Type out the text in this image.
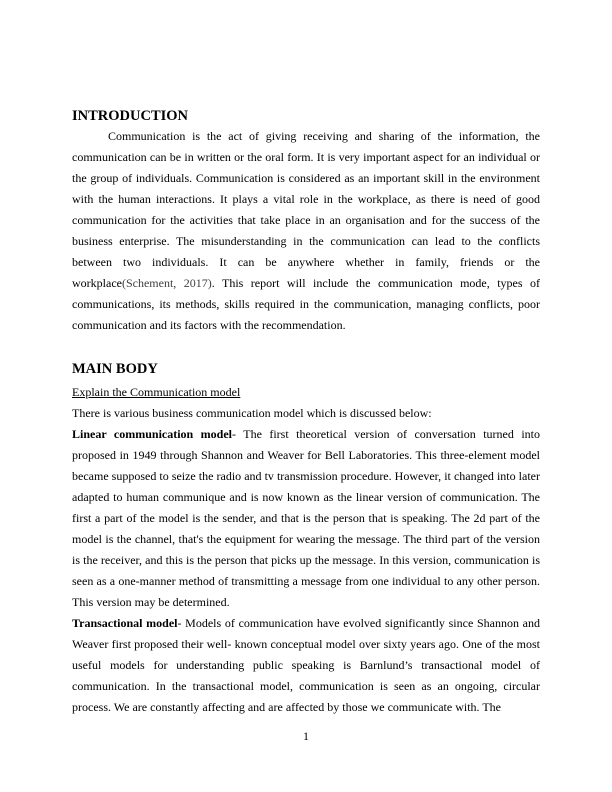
INTRODUCTION

Communication is the act of giving receiving and sharing of the information, the communication can be in written or the oral form. It is very important aspect for an individual or the group of individuals. Communication is considered as an important skill in the environment with the human interactions. It plays a vital role in the workplace, as there is need of good communication for the activities that take place in an organisation and for the success of the business enterprise. The misunderstanding in the communication can lead to the conflicts between two individuals. It can be anywhere whether in family, friends or the workplace(Schement, 2017). This report will include the communication mode, types of communications, its methods, skills required in the communication, managing conflicts, poor communication and its factors with the recommendation.

MAIN BODY

Explain the Communication model

There is various business communication model which is discussed below:

Linear communication model- The first theoretical version of conversation turned into proposed in 1949 through Shannon and Weaver for Bell Laboratories. This three-element model became supposed to seize the radio and tv transmission procedure. However, it changed into later adapted to human communique and is now known as the linear version of communication. The first a part of the model is the sender, and that is the person that is speaking. The 2d part of the model is the channel, that's the equipment for wearing the message. The third part of the version is the receiver, and this is the person that picks up the message. In this version, communication is seen as a one-manner method of transmitting a message from one individual to any other person. This version may be determined.

Transactional model- Models of communication have evolved significantly since Shannon and Weaver first proposed their well- known conceptual model over sixty years ago. One of the most useful models for understanding public speaking is Barnlund’s transactional model of communication. In the transactional model, communication is seen as an ongoing, circular process. We are constantly affecting and are affected by those we communicate with. The

1
